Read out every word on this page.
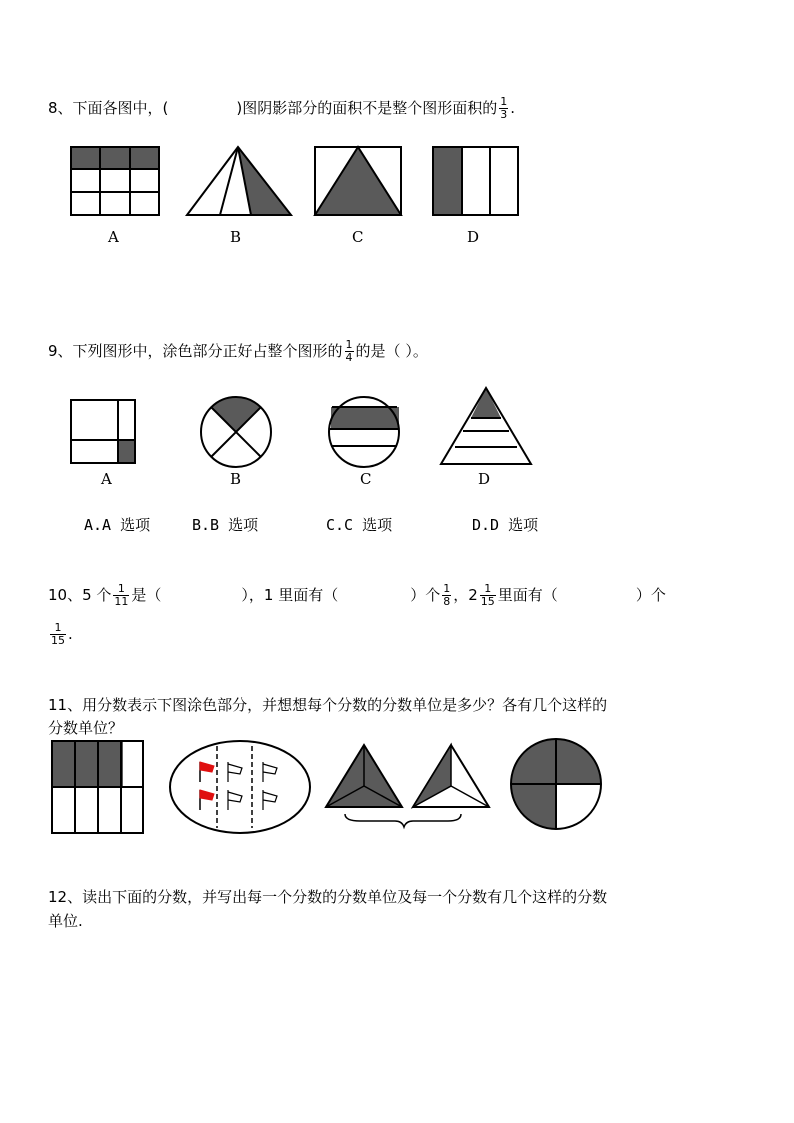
8、下面各图中，(	)图阴影部分的面积不是整个图形面积的 $\frac{1}{3}$ .
A	B	C	D
9、下列图形中，涂色部分正好占整个图形的 $\frac{1}{4}$ 的是（ ）。
A	B	C	D
A.A 选项	B.B 选项	C.C 选项	D.D 选项
10、5 个 $\frac{1}{11}$ 是（	），1 里面有（	）个 $\frac{1}{8}$ ，$2 \frac{1}{15}$ 里面有（	）个
$\frac{1}{15}$ .
11、用分数表示下图涂色部分，并想想每个分数的分数单位是多少？各有几个这样的
分数单位？
12、读出下面的分数，并写出每一个分数的分数单位及每一个分数有几个这样的分数
单位.
